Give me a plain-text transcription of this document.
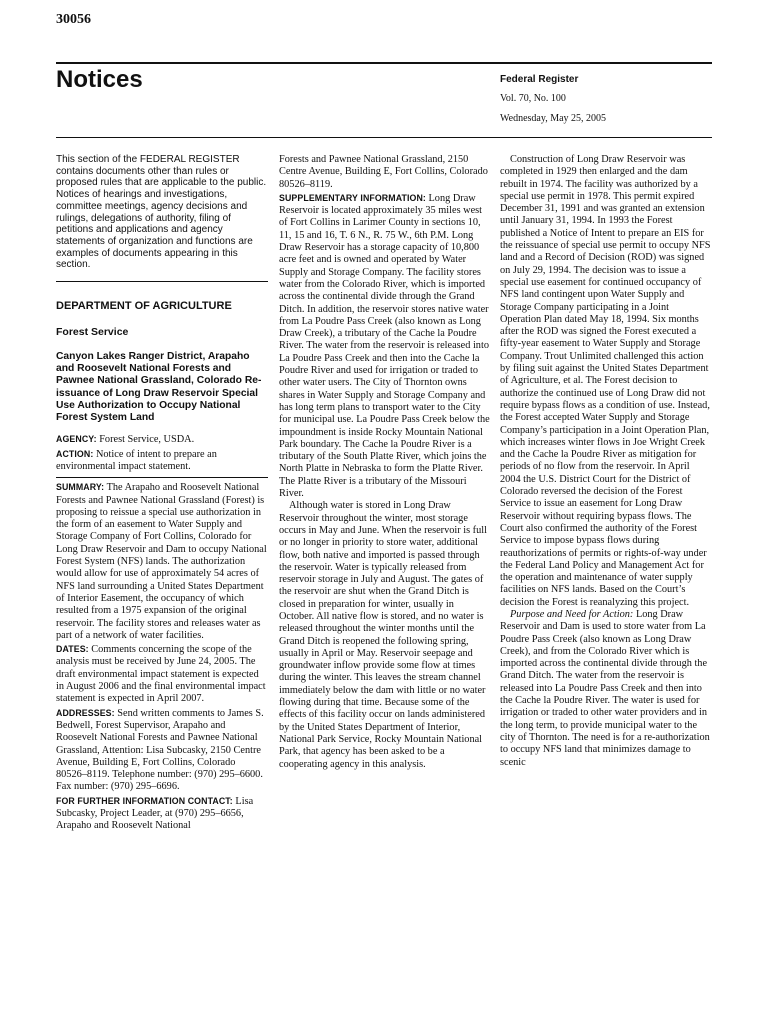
30056
Notices	Federal Register
Vol. 70, No. 100
Wednesday, May 25, 2005
This section of the FEDERAL REGISTER contains documents other than rules or proposed rules that are applicable to the public. Notices of hearings and investigations, committee meetings, agency decisions and rulings, delegations of authority, filing of petitions and applications and agency statements of organization and functions are examples of documents appearing in this section.
DEPARTMENT OF AGRICULTURE
Forest Service
Canyon Lakes Ranger District, Arapaho and Roosevelt National Forests and Pawnee National Grassland, Colorado Re-issuance of Long Draw Reservoir Special Use Authorization to Occupy National Forest System Land

AGENCY: Forest Service, USDA.

ACTION: Notice of intent to prepare an environmental impact statement.

SUMMARY: The Arapaho and Roosevelt National Forests and Pawnee National Grassland (Forest) is proposing to reissue a special use authorization in the form of an easement to Water Supply and Storage Company of Fort Collins, Colorado for Long Draw Reservoir and Dam to occupy National Forest System (NFS) lands. The authorization would allow for use of approximately 54 acres of NFS land surrounding a United States Department of Interior Easement, the occupancy of which resulted from a 1975 expansion of the original reservoir. The facility stores and releases water as part of a network of water facilities.

DATES: Comments concerning the scope of the analysis must be received by June 24, 2005. The draft environmental impact statement is expected in August 2006 and the final environmental impact statement is expected in April 2007.

ADDRESSES: Send written comments to James S. Bedwell, Forest Supervisor, Arapaho and Roosevelt National Forests and Pawnee National Grassland, Attention: Lisa Subcasky, 2150 Centre Avenue, Building E, Fort Collins, Colorado 80526–8119. Telephone number: (970) 295–6600. Fax number: (970) 295–6696.

FOR FURTHER INFORMATION CONTACT: Lisa Subcasky, Project Leader, at (970) 295–6656, Arapaho and Roosevelt National

Forests and Pawnee National Grassland, 2150 Centre Avenue, Building E, Fort Collins, Colorado 80526–8119.

SUPPLEMENTARY INFORMATION: Long Draw Reservoir is located approximately 35 miles west of Fort Collins in Larimer County in sections 10, 11, 15 and 16, T. 6 N., R. 75 W., 6th P.M. Long Draw Reservoir has a storage capacity of 10,800 acre feet and is owned and operated by Water Supply and Storage Company. The facility stores water from the Colorado River, which is imported across the continental divide through the Grand Ditch. In addition, the reservoir stores native water from La Poudre Pass Creek (also known as Long Draw Creek), a tributary of the Cache la Poudre River. The water from the reservoir is released into La Poudre Pass Creek and then into the Cache la Poudre River and used for irrigation or traded to other water users. The City of Thornton owns shares in Water Supply and Storage Company and has long term plans to transport water to the City for municipal use. La Poudre Pass Creek below the impoundment is inside Rocky Mountain National Park boundary. The Cache la Poudre River is a tributary of the South Platte River, which joins the North Platte in Nebraska to form the Platte River. The Platte River is a tributary of the Missouri River.

Although water is stored in Long Draw Reservoir throughout the winter, most storage occurs in May and June. When the reservoir is full or no longer in priority to store water, additional flow, both native and imported is passed through the reservoir. Water is typically released from reservoir storage in July and August. The gates of the reservoir are shut when the Grand Ditch is closed in preparation for winter, usually in October. All native flow is stored, and no water is released throughout the winter months until the Grand Ditch is reopened the following spring, usually in April or May. Reservoir seepage and groundwater inflow provide some flow at times during the winter. This leaves the stream channel immediately below the dam with little or no water flowing during that time. Because some of the effects of this facility occur on lands administered by the United States Department of Interior, National Park Service, Rocky Mountain National Park, that agency has been asked to be a cooperating agency in this analysis.

Construction of Long Draw Reservoir was completed in 1929 then enlarged and the dam rebuilt in 1974. The facility was authorized by a special use permit in 1978. This permit expired December 31, 1991 and was granted an extension until January 31, 1994. In 1993 the Forest published a Notice of Intent to prepare an EIS for the reissuance of special use permit to occupy NFS land and a Record of Decision (ROD) was signed on July 29, 1994. The decision was to issue a special use easement for continued occupancy of NFS land contingent upon Water Supply and Storage Company participating in a Joint Operation Plan dated May 18, 1994. Six months after the ROD was signed the Forest executed a fifty-year easement to Water Supply and Storage Company. Trout Unlimited challenged this action by filing suit against the United States Department of Agriculture, et al. The Forest decision to authorize the continued use of Long Draw did not require bypass flows as a condition of use. Instead, the Forest accepted Water Supply and Storage Company’s participation in a Joint Operation Plan, which increases winter flows in Joe Wright Creek and the Cache la Poudre River as mitigation for periods of no flow from the reservoir. In April 2004 the U.S. District Court for the District of Colorado reversed the decision of the Forest Service to issue an easement for Long Draw Reservoir without requiring bypass flows. The Court also confirmed the authority of the Forest Service to impose bypass flows during reauthorizations of permits or rights-of-way under the Federal Land Policy and Management Act for the operation and maintenance of water supply facilities on NFS lands. Based on the Court’s decision the Forest is reanalyzing this project.

Purpose and Need for Action: Long Draw Reservoir and Dam is used to store water from La Poudre Pass Creek (also known as Long Draw Creek), and from the Colorado River which is imported across the continental divide through the Grand Ditch. The water from the reservoir is released into La Poudre Pass Creek and then into the Cache la Poudre River. The water is used for irrigation or traded to other water providers and in the long term, to provide municipal water to the city of Thornton. The need is for a re-authorization to occupy NFS land that minimizes damage to scenic
